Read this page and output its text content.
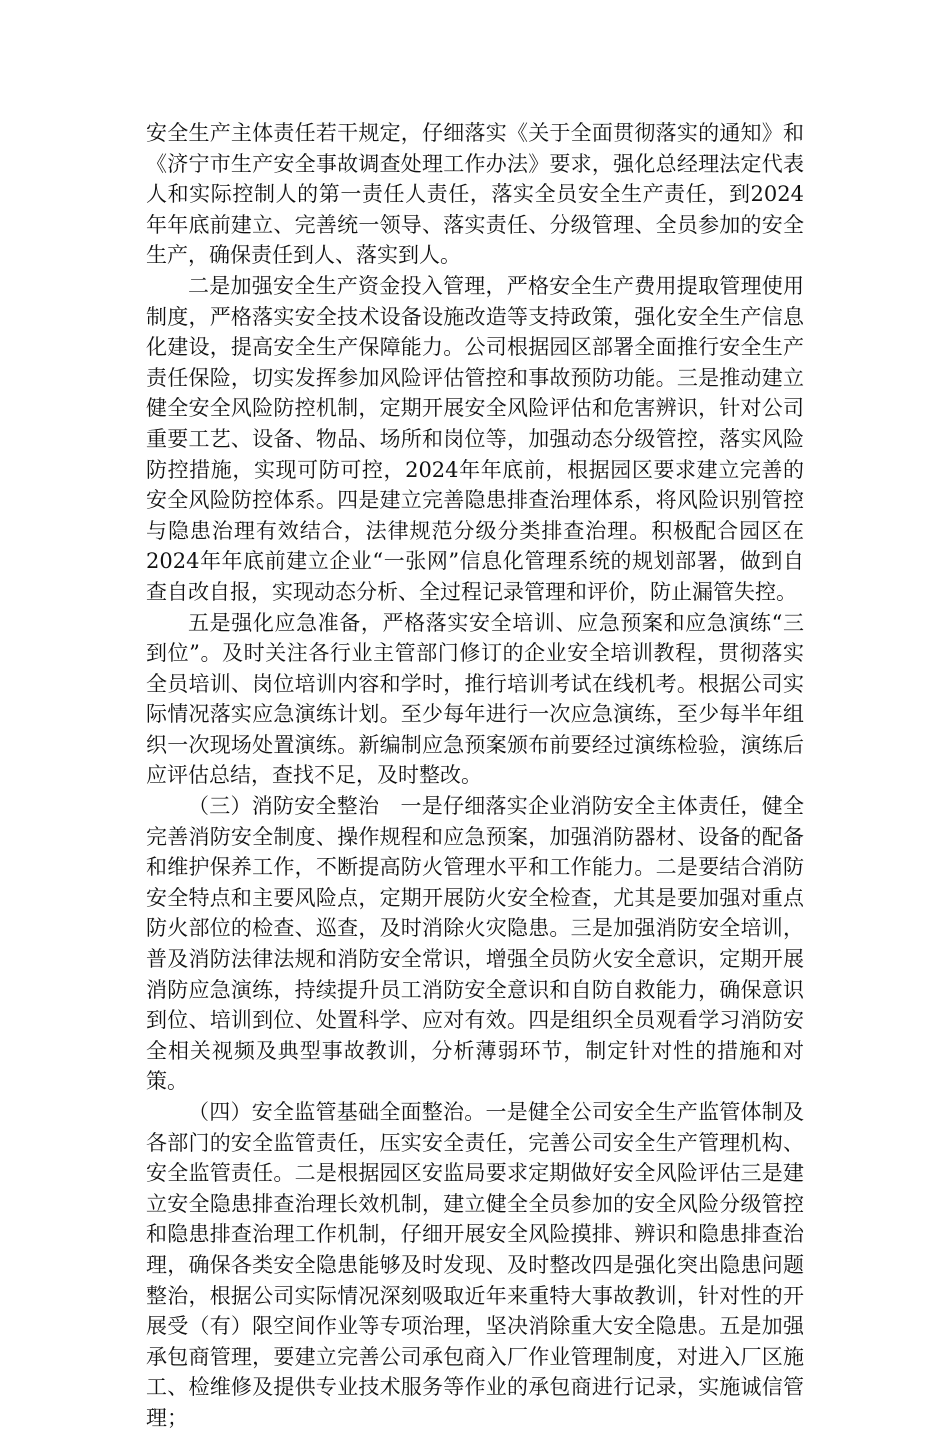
安全生产主体责任若干规定，仔细落实《关于全面贯彻落实的通知》和《济宁市生产安全事故调查处理工作办法》要求，强化总经理法定代表人和实际控制人的第一责任人责任，落实全员安全生产责任，到2024年年底前建立、完善统一领导、落实责任、分级管理、全员参加的安全生产，确保责任到人、落实到人。

二是加强安全生产资金投入管理，严格安全生产费用提取管理使用制度，严格落实安全技术设备设施改造等支持政策，强化安全生产信息化建设，提高安全生产保障能力。公司根据园区部署全面推行安全生产责任保险，切实发挥参加风险评估管控和事故预防功能。三是推动建立健全安全风险防控机制，定期开展安全风险评估和危害辨识，针对公司重要工艺、设备、物品、场所和岗位等，加强动态分级管控，落实风险防控措施，实现可防可控，2024年年底前，根据园区要求建立完善的安全风险防控体系。四是建立完善隐患排查治理体系，将风险识别管控与隐患治理有效结合，法律规范分级分类排查治理。积极配合园区在2024年年底前建立企业“一张网”信息化管理系统的规划部署，做到自查自改自报，实现动态分析、全过程记录管理和评价，防止漏管失控。

五是强化应急准备，严格落实安全培训、应急预案和应急演练“三到位”。及时关注各行业主管部门修订的企业安全培训教程，贯彻落实全员培训、岗位培训内容和学时，推行培训考试在线机考。根据公司实际情况落实应急演练计划。至少每年进行一次应急演练，至少每半年组织一次现场处置演练。新编制应急预案颁布前要经过演练检验，演练后应评估总结，查找不足，及时整改。

（三）消防安全整治　一是仔细落实企业消防安全主体责任，健全完善消防安全制度、操作规程和应急预案，加强消防器材、设备的配备和维护保养工作，不断提高防火管理水平和工作能力。二是要结合消防安全特点和主要风险点，定期开展防火安全检查，尤其是要加强对重点防火部位的检查、巡查，及时消除火灾隐患。三是加强消防安全培训，普及消防法律法规和消防安全常识，增强全员防火安全意识，定期开展消防应急演练，持续提升员工消防安全意识和自防自救能力，确保意识到位、培训到位、处置科学、应对有效。四是组织全员观看学习消防安全相关视频及典型事故教训，分析薄弱环节，制定针对性的措施和对策。

（四）安全监管基础全面整治。一是健全公司安全生产监管体制及各部门的安全监管责任，压实安全责任，完善公司安全生产管理机构、安全监管责任。二是根据园区安监局要求定期做好安全风险评估三是建立安全隐患排查治理长效机制，建立健全全员参加的安全风险分级管控和隐患排查治理工作机制，仔细开展安全风险摸排、辨识和隐患排查治理，确保各类安全隐患能够及时发现、及时整改四是强化突出隐患问题整治，根据公司实际情况深刻吸取近年来重特大事故教训，针对性的开展受（有）限空间作业等专项治理，坚决消除重大安全隐患。五是加强承包商管理，要建立完善公司承包商入厂作业管理制度，对进入厂区施工、检维修及提供专业技术服务等作业的承包商进行记录，实施诚信管理；
